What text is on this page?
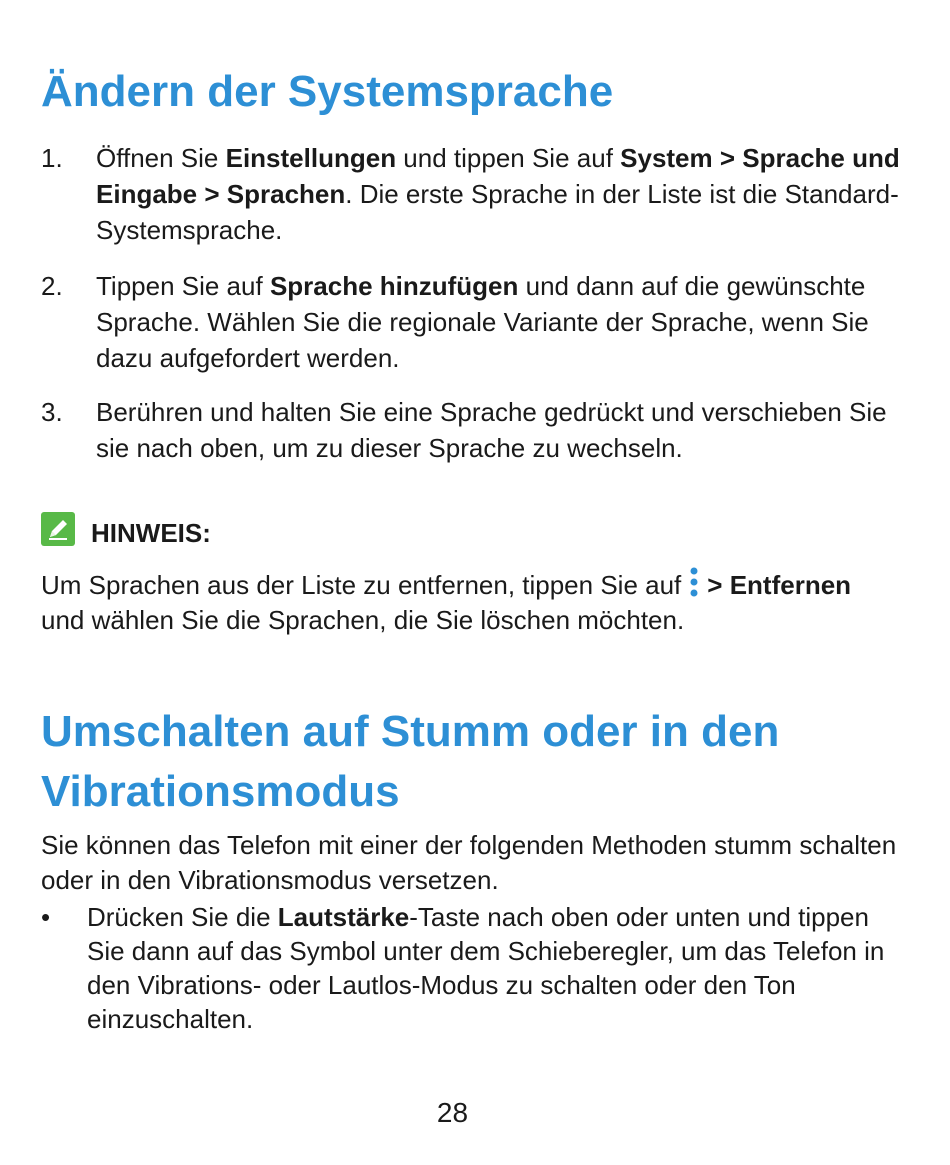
Ändern der Systemsprache
1. Öffnen Sie Einstellungen und tippen Sie auf System > Sprache und Eingabe > Sprachen. Die erste Sprache in der Liste ist die Standard-Systemsprache.
2. Tippen Sie auf Sprache hinzufügen und dann auf die gewünschte Sprache. Wählen Sie die regionale Variante der Sprache, wenn Sie dazu aufgefordert werden.
3. Berühren und halten Sie eine Sprache gedrückt und verschieben Sie sie nach oben, um zu dieser Sprache zu wechseln.
HINWEIS:
Um Sprachen aus der Liste zu entfernen, tippen Sie auf > Entfernen und wählen Sie die Sprachen, die Sie löschen möchten.
Umschalten auf Stumm oder in den
Vibrationsmodus
Sie können das Telefon mit einer der folgenden Methoden stumm schalten oder in den Vibrationsmodus versetzen.
• Drücken Sie die Lautstärke-Taste nach oben oder unten und tippen Sie dann auf das Symbol unter dem Schieberegler, um das Telefon in den Vibrations- oder Lautlos-Modus zu schalten oder den Ton einzuschalten.
28
